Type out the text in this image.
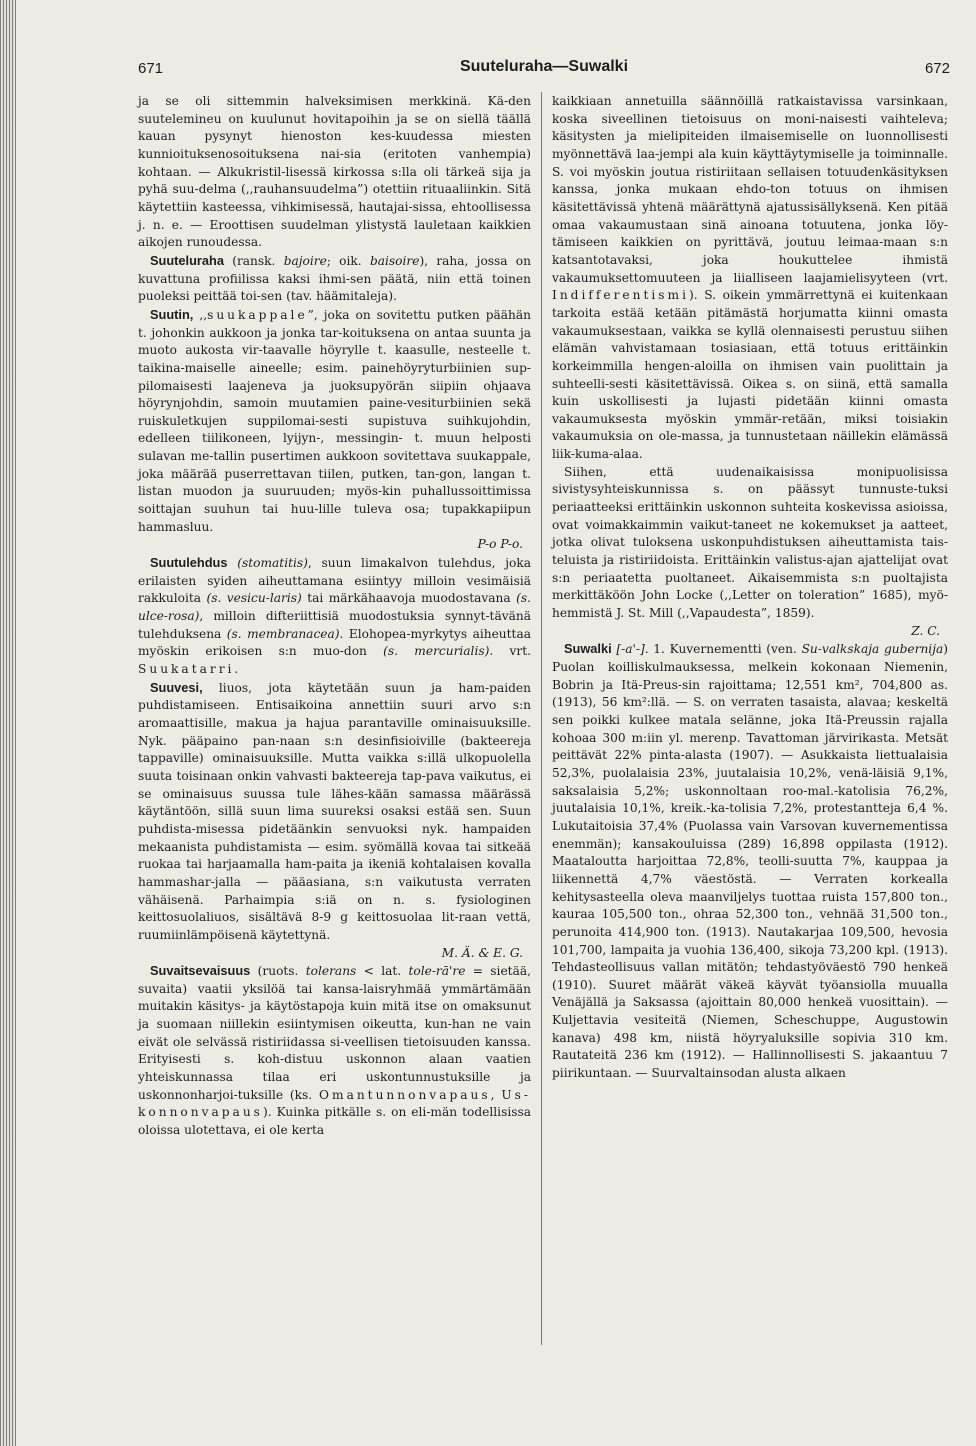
671	Suuteluraha—Suwalki	672

ja se oli sittemmin halveksimisen merkkinä. Kä-den suutelemineu on kuulunut hovitapoihin ja se on siellä täällä kauan pysynyt hienoston kes-kuudessa miesten kunnioituksenosoituksena nai-sia (eritoten vanhempia) kohtaan. — Alkukristil-lisessä kirkossa s:lla oli tärkeä sija ja pyhä suu-delma (,,rauhansuudelma”) otettiin rituaaliinkin. Sitä käytettiin kasteessa, vihkimisessä, hautajai-sissa, ehtoollisessa j. n. e. — Eroottisen suudelman ylistystä lauletaan kaikkien aikojen runoudessa.

Suuteluraha (ransk. bajoire; oik. baisoire), raha, jossa on kuvattuna profiilissa kaksi ihmi-sen päätä, niin että toinen puoleksi peittää toi-sen (tav. häämitaleja).

Suutin, ,,suukappale”, joka on sovitettu putken päähän t. johonkin aukkoon ja jonka tar-koituksena on antaa suunta ja muoto aukosta vir-taavalle höyrylle t. kaasulle, nesteelle t. taikina-maiselle aineelle; esim. painehöyryturbiinien sup-pilomaisesti laajeneva ja juoksupyörän siipiin ohjaava höyrynjohdin, samoin muutamien paine-vesiturbiinien sekä ruiskuletkujen suppilomai-sesti supistuva suihkujohdin, edelleen tiilikoneen, lyijyn-, messingin- t. muun helposti sulavan me-tallin pusertimen aukkoon sovitettava suukappale, joka määrää puserrettavan tiilen, putken, tan-gon, langan t. listan muodon ja suuruuden; myös-kin puhallussoittimissa soittajan suuhun tai huu-lille tuleva osa; tupakkapiipun hammasluu.

P-o P-o.

Suutulehdus (stomatitis), suun limakalvon tulehdus, joka erilaisten syiden aiheuttamana esiintyy milloin vesimäisiä rakkuloita (s. vesicu-laris) tai märkähaavoja muodostavana (s. ulce-rosa), milloin difteriittisiä muodostuksia synnyt-tävänä tulehduksena (s. membranacea). Elohopea-myrkytys aiheuttaa myöskin erikoisen s:n muo-don (s. mercurialis). vrt. Suukatarri.

Suuvesi, liuos, jota käytetään suun ja ham-paiden puhdistamiseen. Entisaikoina annettiin suuri arvo s:n aromaattisille, makua ja hajua parantaville ominaisuuksille. Nyk. pääpaino pan-naan s:n desinfisioiville (bakteereja tappaville) ominaisuuksille. Mutta vaikka s:illä ulkopuolella suuta toisinaan onkin vahvasti bakteereja tap-pava vaikutus, ei se ominaisuus suussa tule lähes-kään samassa määrässä käytäntöön, sillä suun lima suureksi osaksi estää sen. Suun puhdista-misessa pidetäänkin senvuoksi nyk. hampaiden mekaanista puhdistamista — esim. syömällä kovaa tai sitkeää ruokaa tai harjaamalla ham-paita ja ikeniä kohtalaisen kovalla hammashar-jalla — pääasiana, s:n vaikutusta verraten vähäisenä. Parhaimpia s:iä on n. s. fysiologinen keittosuolaliuos, sisältävä 8-9 g keittosuolaa lit-raan vettä, ruumiinlämpöisenä käytettynä.

M. Ä. & E. G.

Suvaitsevaisuus (ruots. tolerans < lat. tole-rā're = sietää, suvaita) vaatii yksilöä tai kansa-laisryhmää ymmärtämään muitakin käsitys- ja käytöstapoja kuin mitä itse on omaksunut ja suomaan niillekin esiintymisen oikeutta, kun-han ne vain eivät ole selvässä ristiriidassa si-veellisen tietoisuuden kanssa. Erityisesti s. koh-distuu uskonnon alaan vaatien yhteiskunnassa tilaa eri uskontunnustuksille ja uskonnonharjoi-tuksille (ks. Omantunnonvapaus, Us-konnonvapaus). Kuinka pitkälle s. on eli-män todellisissa oloissa ulotettava, ei ole kerta

kaikkiaan annetuilla säännöillä ratkaistavissa varsinkaan, koska siveellinen tietoisuus on moni-naisesti vaihteleva; käsitysten ja mielipiteiden ilmaisemiselle on luonnollisesti myönnettävä laa-jempi ala kuin käyttäytymiselle ja toiminnalle. S. voi myöskin joutua ristiriitaan sellaisen totuudenkäsityksen kanssa, jonka mukaan ehdo-ton totuus on ihmisen käsitettävissä yhtenä määrättynä ajatussisällyksenä. Ken pitää omaa vakaumustaan sinä ainoana totuutena, jonka löy-tämiseen kaikkien on pyrittävä, joutuu leimaa-maan s:n katsantotavaksi, joka houkuttelee ihmistä vakaumuksettomuuteen ja liialliseen laajamielisyyteen (vrt. Indifferentismi). S. oikein ymmärrettynä ei kuitenkaan tarkoita estää ketään pitämästä horjumatta kiinni omasta vakaumuksestaan, vaikka se kyllä olennaisesti perustuu siihen elämän vahvistamaan tosiasiaan, että totuus erittäinkin korkeimmilla hengen-aloilla on ihmisen vain puolittain ja suhteelli-sesti käsitettävissä. Oikea s. on siinä, että samalla kuin uskollisesti ja lujasti pidetään kiinni omasta vakaumuksesta myöskin ymmär-retään, miksi toisiakin vakaumuksia on ole-massa, ja tunnustetaan näillekin elämässä liik-kuma-alaa.

Siihen, että uudenaikaisissa monipuolisissa sivistysyhteiskunnissa s. on päässyt tunnuste-tuksi periaatteeksi erittäinkin uskonnon suhteita koskevissa asioissa, ovat voimakkaimmin vaikut-taneet ne kokemukset ja aatteet, jotka olivat tuloksena uskonpuhdistuksen aiheuttamista tais-teluista ja ristiriidoista. Erittäinkin valistus-ajan ajattelijat ovat s:n periaatetta puoltaneet. Aikaisemmista s:n puoltajista merkittäköön John Locke (,,Letter on toleration” 1685), myö-hemmistä J. St. Mill (,,Vapaudesta”, 1859).

Z. C.

Suwalki [-a'-]. 1. Kuvernementti (ven. Su-valkskaja gubernija) Puolan koilliskulmauksessa, melkein kokonaan Niemenin, Bobrin ja Itä-Preus-sin rajoittama; 12,551 km², 704,800 as. (1913), 56 km²:llä. — S. on verraten tasaista, alavaa; keskeltä sen poikki kulkee matala selänne, joka Itä-Preussin rajalla kohoaa 300 m:iin yl. merenp. Tavattoman järvirikasta. Metsät peittävät 22% pinta-alasta (1907). — Asukkaista liettualaisia 52,3%, puolalaisia 23%, juutalaisia 10,2%, venä-läisiä 9,1%, saksalaisia 5,2%; uskonnoltaan roo-mal.-katolisia 76,2%, juutalaisia 10,1%, kreik.-ka-tolisia 7,2%, protestantteja 6,4 %. Lukutaitoisia 37,4% (Puolassa vain Varsovan kuvernementissa enemmän); kansakouluissa (289) 16,898 oppilasta (1912). Maataloutta harjoittaa 72,8%, teolli-suutta 7%, kauppaa ja liikennettä 4,7% väestöstä. — Verraten korkealla kehitysasteella oleva maanviljelys tuottaa ruista 157,800 ton., kauraa 105,500 ton., ohraa 52,300 ton., vehnää 31,500 ton., perunoita 414,900 ton. (1913). Nautakarjaa 109,500, hevosia 101,700, lampaita ja vuohia 136,400, sikoja 73,200 kpl. (1913). Tehdasteollisuus vallan mitätön; tehdastyöväestö 790 henkeä (1910). Suuret määrät väkeä käyvät työansiolla muualla Venäjällä ja Saksassa (ajoittain 80,000 henkeä vuosittain). — Kuljettavia vesiteitä (Niemen, Scheschuppe, Augustowin kanava) 498 km, niistä höyryaluksille sopivia 310 km. Rautateitä 236 km (1912). — Hallinnollisesti S. jakaantuu 7 piirikuntaan. — Suurvaltainsodan alusta alkaen
